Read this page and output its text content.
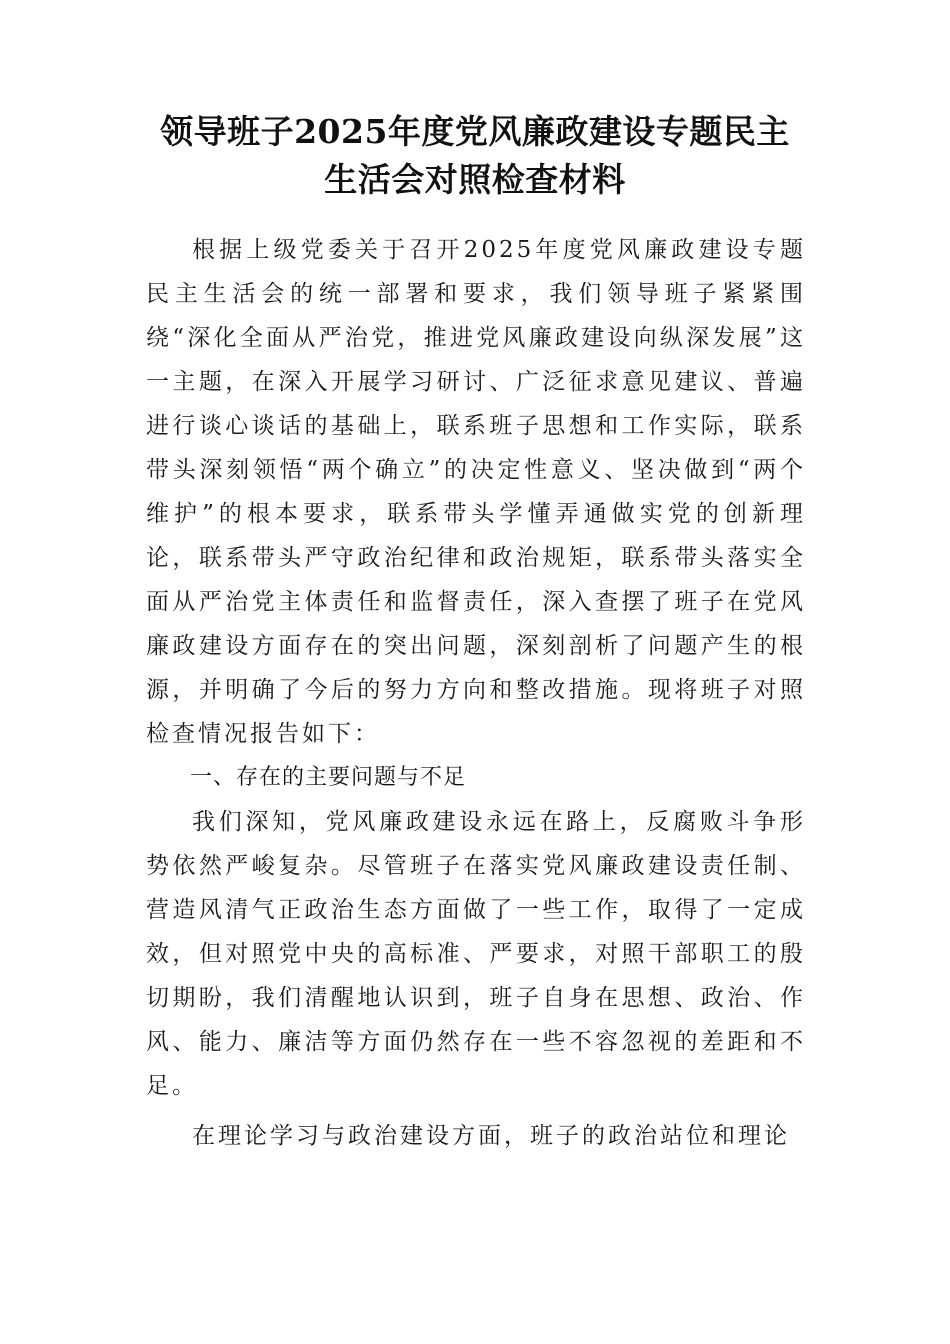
领导班子2025年度党风廉政建设专题民主
生活会对照检查材料

根据上级党委关于召开2025年度党风廉政建设专题民主生活会的统一部署和要求，我们领导班子紧紧围绕“深化全面从严治党，推进党风廉政建设向纵深发展”这一主题，在深入开展学习研讨、广泛征求意见建议、普遍进行谈心谈话的基础上，联系班子思想和工作实际，联系带头深刻领悟“两个确立”的决定性意义、坚决做到“两个维护”的根本要求，联系带头学懂弄通做实党的创新理论，联系带头严守政治纪律和政治规矩，联系带头落实全面从严治党主体责任和监督责任，深入查摆了班子在党风廉政建设方面存在的突出问题，深刻剖析了问题产生的根源，并明确了今后的努力方向和整改措施。现将班子对照检查情况报告如下：

一、存在的主要问题与不足

我们深知，党风廉政建设永远在路上，反腐败斗争形势依然严峻复杂。尽管班子在落实党风廉政建设责任制、营造风清气正政治生态方面做了一些工作，取得了一定成效，但对照党中央的高标准、严要求，对照干部职工的殷切期盼，我们清醒地认识到，班子自身在思想、政治、作风、能力、廉洁等方面仍然存在一些不容忽视的差距和不足。

在理论学习与政治建设方面，班子的政治站位和理论
